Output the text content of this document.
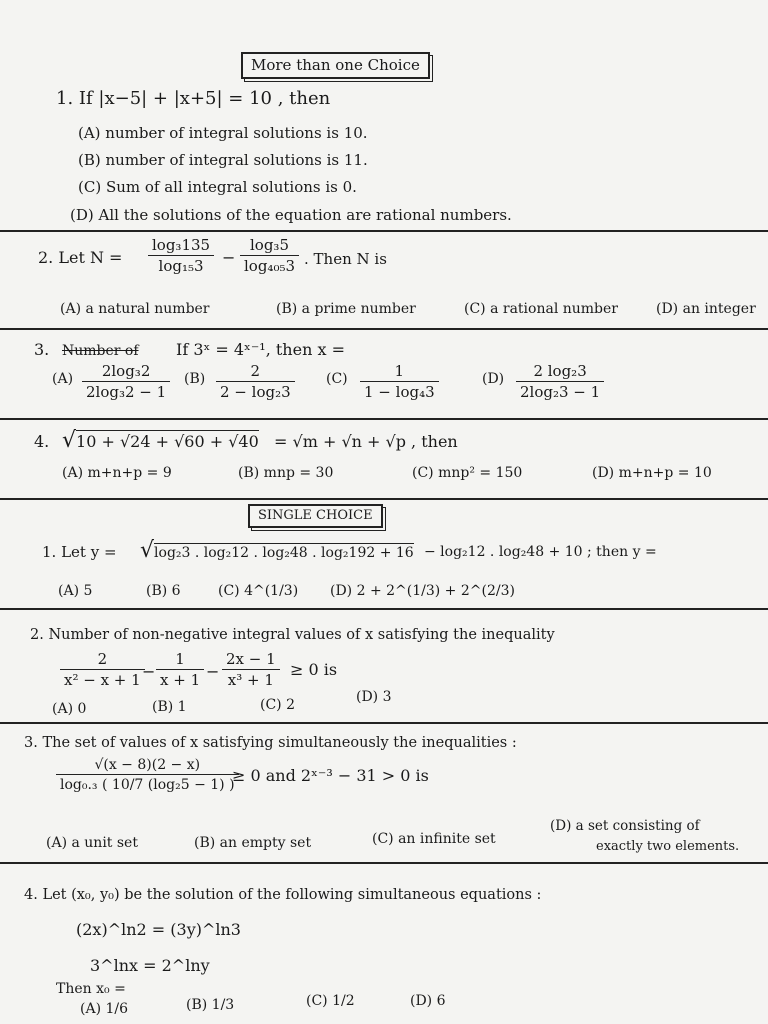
More than one Choice
1. If |x−5| + |x+5| = 10 , then
(A) number of integral solutions is 10.
(B) number of integral solutions is 11.
(C) Sum of all integral solutions is 0.
(D) All the solutions of the equation are rational numbers.
2. Let $N = \frac{\text{log₃135}}{\text{log₁₅3}} - \frac{\text{log₃5}}{\text{log₄₀₅3}}$ . Then N is
(A) a natural number	(B) a prime number	(C) a rational number	(D) an integer
3. Number of If 3ˣ = 4ˣ⁻¹, then x =
$(A) \frac{\text{2log₃2}}{\text{2log₃2 − 1}} (B) \frac{2}{\text{2 − log₂3}} (C) \frac{1}{\text{1 − log₄3}}$	$(D) \frac{\text{2 log₂3}}{\text{2log₂3 − 1}}$
4. √10 + √24 + √60 + √40 = √m + √n + √p , then
(A) m+n+p = 9	(B) mnp = 30	(C) mnp² = 150	(D) m+n+p = 10
SINGLE CHOICE
1. Let y = √log₂3 . log₂12 . log₂48 . log₂192 + 16 − log₂12 . log₂48 + 10 ; then y =
(A) 5	(B) 6	(C) 4^(1/3) (D) 2 + 2^(1/3) + 2^(2/3)
2. Number of non-negative integral values of x satisfying the inequality
$\frac{2}{\text{x² − x + 1}}$
− $\frac{1}{x + 1} - \frac{2x - 1}{\text{x³ + 1}} \ge 0$ is
(A) 0	(B) 1	(C) 2	(D) 3
3. The set of values of x satisfying simultaneously the inequalities :
$\frac{√(x - 8)(2 - x)}{\text{log₀.₃ ( 10/7 (log₂5 − 1) )}}$
≥ 0 and 2ˣ⁻³ − 31 > 0 is
(A) a unit set	(B) an empty set	(C) an infinite set
(D) a set consisting of
exactly two elements.
4. Let (x₀, y₀) be the solution of the following simultaneous equations :
(2x)^ln2 = (3y)^ln3
3^lnx = 2^lny
Then x₀ =
(A) 1/6	(B) 1/3	(C) 1/2	(D) 6
